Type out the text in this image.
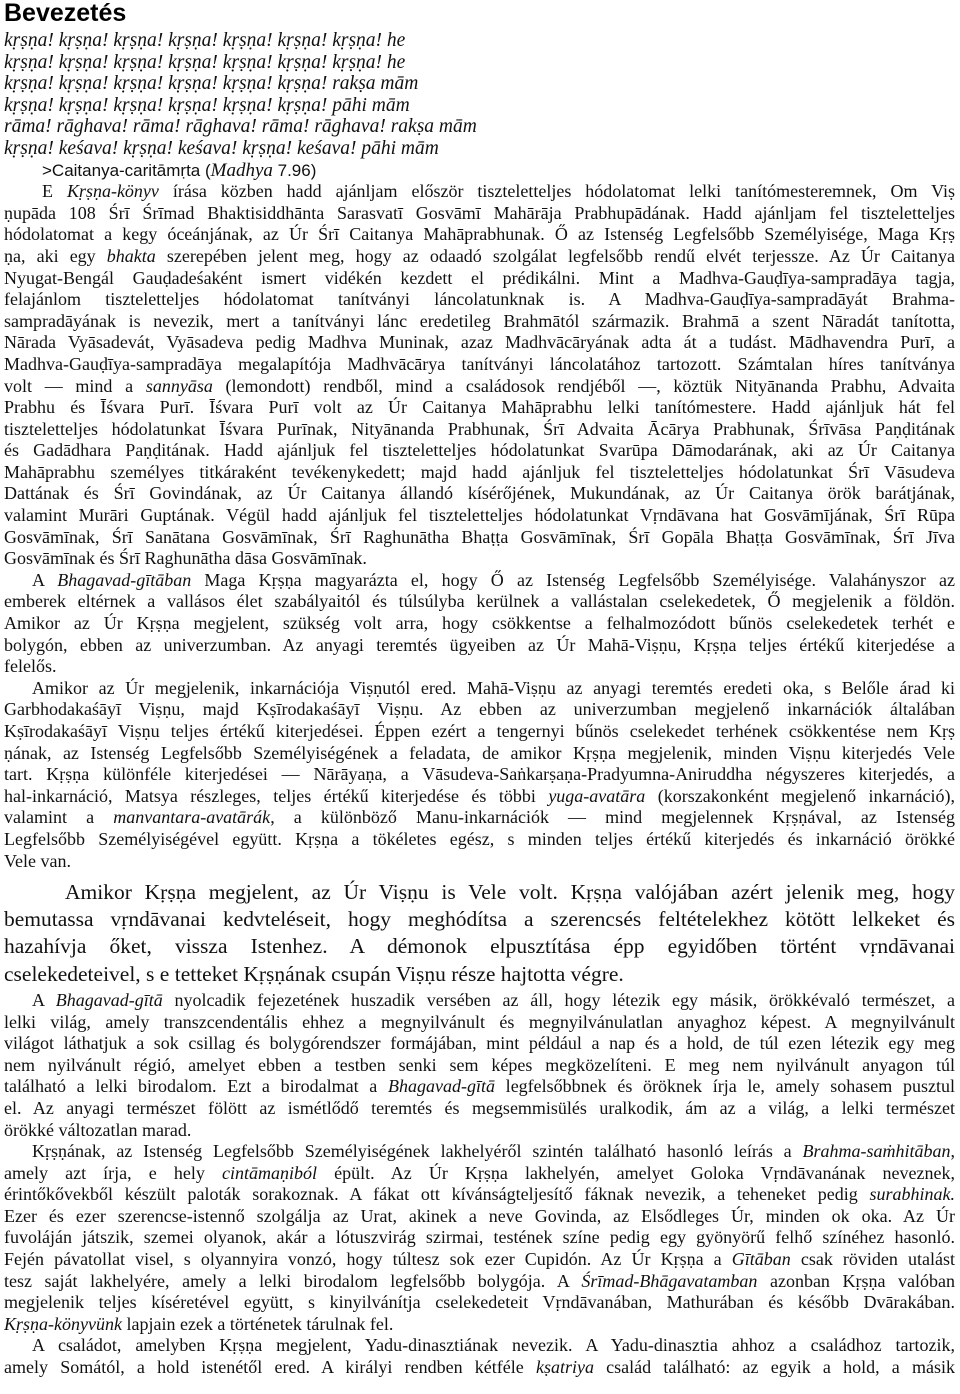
Bevezetés
kṛṣṇa! kṛṣṇa! kṛṣṇa! kṛṣṇa! kṛṣṇa! kṛṣṇa! kṛṣṇa! he
kṛṣṇa! kṛṣṇa! kṛṣṇa! kṛṣṇa! kṛṣṇa! kṛṣṇa! kṛṣṇa! he
kṛṣṇa! kṛṣṇa! kṛṣṇa! kṛṣṇa! kṛṣṇa! kṛṣṇa! rakṣa mām
kṛṣṇa! kṛṣṇa! kṛṣṇa! kṛṣṇa! kṛṣṇa! kṛṣṇa! pāhi mām
rāma! rāghava! rāma! rāghava! rāma! rāghava! rakṣa mām
kṛṣṇa! keśava! kṛṣṇa! keśava! kṛṣṇa! keśava! pāhi mām
>Caitanya-caritāmṛta (Madhya 7.96)
E Kṛṣṇa-könyv írása közben hadd ajánljam először tiszteletteljes hódolatomat lelki tanítómesteremnek, Om Viṣ
ṇupāda 108 Śrī Śrīmad Bhaktisiddhānta Sarasvatī Gosvāmī Mahārāja Prabhupādának. Hadd ajánljam fel tiszteletteljes
hódolatomat a kegy óceánjának, az Úr Śrī Caitanya Mahāprabhunak. Ő az Istenség Legfelsőbb Személyisége, Maga Kṛṣ
ṇa, aki egy bhakta szerepében jelent meg, hogy az odaadó szolgálat legfelsőbb rendű elvét terjessze. Az Úr Caitanya
Nyugat-Bengál Gauḍadeśaként ismert vidékén kezdett el prédikálni. Mint a Madhva-Gauḍīya-sampradāya tagja,
felajánlom tiszteletteljes hódolatomat tanítványi láncolatunknak is. A Madhva-Gauḍīya-sampradāyát Brahma-
sampradāyának is nevezik, mert a tanítványi lánc eredetileg Brahmātól származik. Brahmā a szent Nāradát tanította,
Nārada Vyāsadevát, Vyāsadeva pedig Madhva Muninak, azaz Madhvācāryának adta át a tudást. Mādhavendra Purī, a
Madhva-Gauḍīya-sampradāya megalapítója Madhvācārya tanítványi láncolatához tartozott. Számtalan híres tanítványa
volt — mind a sannyāsa (lemondott) rendből, mind a családosok rendjéből —, köztük Nityānanda Prabhu, Advaita
Prabhu és Īśvara Purī. Īśvara Purī volt az Úr Caitanya Mahāprabhu lelki tanítómestere. Hadd ajánljuk hát fel
tiszteletteljes hódolatunkat Īśvara Purīnak, Nityānanda Prabhunak, Śrī Advaita Ācārya Prabhunak, Śrīvāsa Paṇḍitának
és Gadādhara Paṇḍitának. Hadd ajánljuk fel tiszteletteljes hódolatunkat Svarūpa Dāmodarának, aki az Úr Caitanya
Mahāprabhu személyes titkáraként tevékenykedett; majd hadd ajánljuk fel tiszteletteljes hódolatunkat Śrī Vāsudeva
Dattának és Śrī Govindának, az Úr Caitanya állandó kísérőjének, Mukundának, az Úr Caitanya örök barátjának,
valamint Murāri Guptának. Végül hadd ajánljuk fel tiszteletteljes hódolatunkat Vṛndāvana hat Gosvāmījának, Śrī Rūpa
Gosvāmīnak, Śrī Sanātana Gosvāmīnak, Śrī Raghunātha Bhaṭṭa Gosvāmīnak, Śrī Gopāla Bhaṭṭa Gosvāmīnak, Śrī Jīva
Gosvāmīnak és Śrī Raghunātha dāsa Gosvāmīnak.
A Bhagavad-gītāban Maga Kṛṣṇa magyarázta el, hogy Ő az Istenség Legfelsőbb Személyisége. Valahányszor az
emberek eltérnek a vallásos élet szabályaitól és túlsúlyba kerülnek a vallástalan cselekedetek, Ő megjelenik a földön.
Amikor az Úr Kṛṣṇa megjelent, szükség volt arra, hogy csökkentse a felhalmozódott bűnös cselekedetek terhét e
bolygón, ebben az univerzumban. Az anyagi teremtés ügyeiben az Úr Mahā-Viṣṇu, Kṛṣṇa teljes értékű kiterjedése a
felelős.
Amikor az Úr megjelenik, inkarnációja Viṣṇutól ered. Mahā-Viṣṇu az anyagi teremtés eredeti oka, s Belőle árad ki
Garbhodakaśāyī Viṣṇu, majd Kṣīrodakaśāyī Viṣṇu. Az ebben az univerzumban megjelenő inkarnációk általában
Kṣīrodakaśāyī Viṣṇu teljes értékű kiterjedései. Éppen ezért a tengernyi bűnös cselekedet terhének csökkentése nem Kṛṣ
ṇának, az Istenség Legfelsőbb Személyiségének a feladata, de amikor Kṛṣṇa megjelenik, minden Viṣṇu kiterjedés Vele
tart. Kṛṣṇa különféle kiterjedései — Nārāyaṇa, a Vāsudeva-Saṅkarṣaṇa-Pradyumna-Aniruddha négyszeres kiterjedés, a
hal-inkarnáció, Matsya részleges, teljes értékű kiterjedése és többi yuga-avatāra (korszakonként megjelenő inkarnáció),
valamint a manvantara-avatārák, a különböző Manu-inkarnációk — mind megjelennek Kṛṣṇával, az Istenség
Legfelsőbb Személyiségével együtt. Kṛṣṇa a tökéletes egész, s minden teljes értékű kiterjedés és inkarnáció örökké
Vele van.
Amikor Kṛṣṇa megjelent, az Úr Viṣṇu is Vele volt. Kṛṣṇa valójában azért jelenik meg, hogy
bemutassa vṛndāvanai kedvteléseit, hogy meghódítsa a szerencsés feltételekhez kötött lelkeket és
hazahívja őket, vissza Istenhez. A démonok elpusztítása épp egyidőben történt vṛndāvanai
cselekedeteivel, s e tetteket Kṛṣṇának csupán Viṣṇu része hajtotta végre.
A Bhagavad-gītā nyolcadik fejezetének huszadik versében az áll, hogy létezik egy másik, örökkévaló természet, a
lelki világ, amely transzcendentális ehhez a megnyilvánult és megnyilvánulatlan anyaghoz képest. A megnyilvánult
világot láthatjuk a sok csillag és bolygórendszer formájában, mint például a nap és a hold, de túl ezen létezik egy meg
nem nyilvánult régió, amelyet ebben a testben senki sem képes megközelíteni. E meg nem nyilvánult anyagon túl
található a lelki birodalom. Ezt a birodalmat a Bhagavad-gītā legfelsőbbnek és öröknek írja le, amely sohasem pusztul
el. Az anyagi természet fölött az ismétlődő teremtés és megsemmisülés uralkodik, ám az a világ, a lelki természet
örökké változatlan marad.
Kṛṣṇának, az Istenség Legfelsőbb Személyiségének lakhelyéről szintén található hasonló leírás a Brahma-saṁhitāban,
amely azt írja, e hely cintāmaṇiból épült. Az Úr Kṛṣṇa lakhelyén, amelyet Goloka Vṛndāvanának neveznek,
érintőkővekből készült paloták sorakoznak. A fákat ott kívánságteljesítő fáknak nevezik, a teheneket pedig surabhinak.
Ezer és ezer szerencse-istennő szolgálja az Urat, akinek a neve Govinda, az Elsődleges Úr, minden ok oka. Az Úr
fuvoláján játszik, szemei olyanok, akár a lótuszvirág szirmai, testének színe pedig egy gyönyörű felhő színéhez hasonló.
Fején pávatollat visel, s olyannyira vonzó, hogy túltesz sok ezer Cupidón. Az Úr Kṛṣṇa a Gītāban csak röviden utalást
tesz saját lakhelyére, amely a lelki birodalom legfelsőbb bolygója. A Śrīmad-Bhāgavatamban azonban Kṛṣṇa valóban
megjelenik teljes kíséretével együtt, s kinyilvánítja cselekedeteit Vṛndāvanában, Mathurában és később Dvārakában.
Kṛṣṇa-könyvünk lapjain ezek a történetek tárulnak fel.
A családot, amelyben Kṛṣṇa megjelent, Yadu-dinasztiának nevezik. A Yadu-dinasztia ahhoz a családhoz tartozik,
amely Somától, a hold istenétől ered. A királyi rendben kétféle kṣatriya család található: az egyik a hold, a másik
